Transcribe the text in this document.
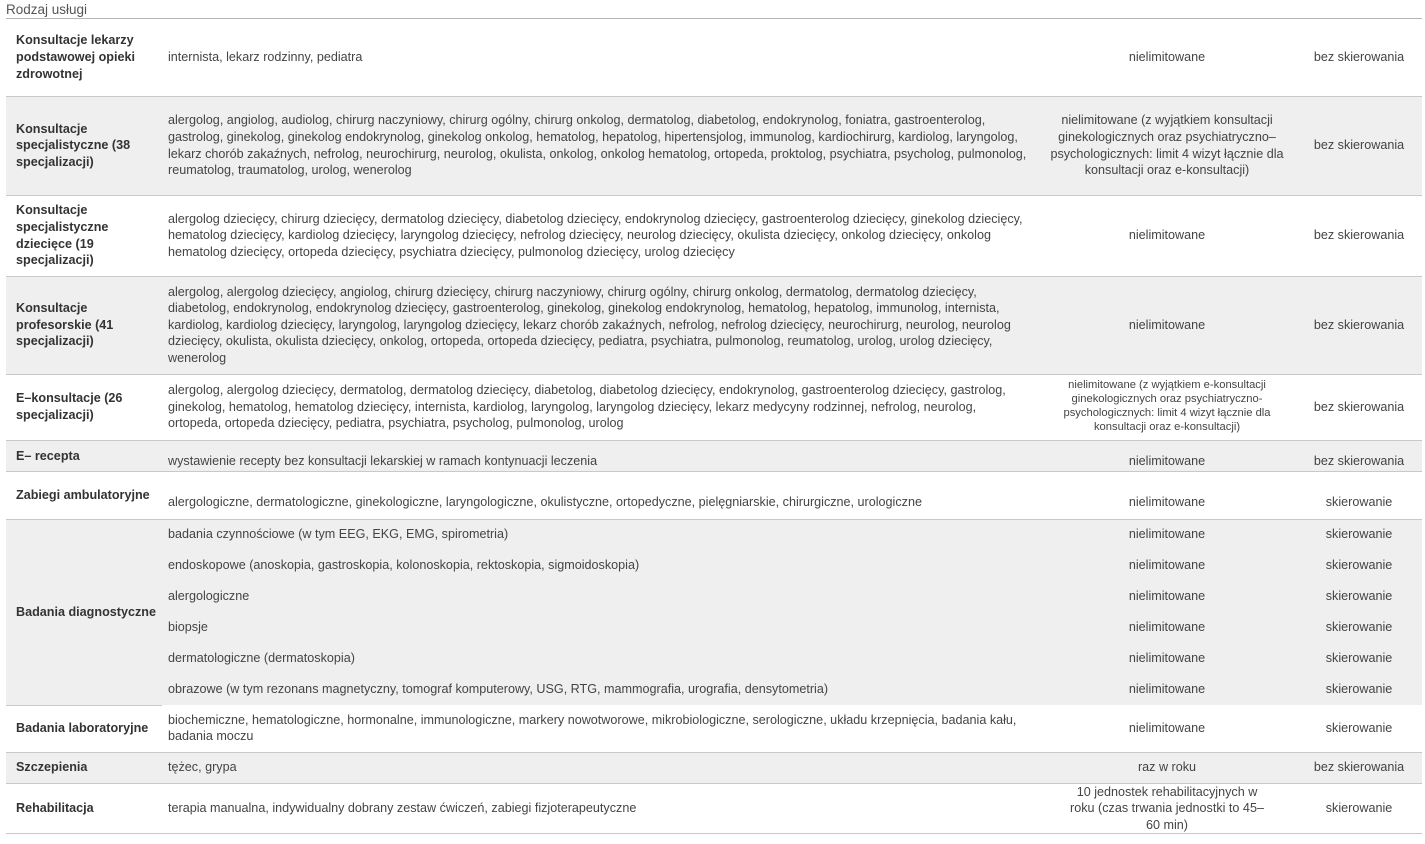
Rodzaj usługi
Konsultacje lekarzy podstawowej opieki zdrowotnej	internista, lekarz rodzinny, pediatra	nielimitowane	bez skierowania
Konsultacje specjalistyczne (38 specjalizacji)	alergolog, angiolog, audiolog, chirurg naczyniowy, chirurg ogólny, chirurg onkolog, dermatolog, diabetolog, endokrynolog, foniatra, gastroenterolog, gastrolog, ginekolog, ginekolog endokrynolog, ginekolog onkolog, hematolog, hepatolog, hipertensjolog, immunolog, kardiochirurg, kardiolog, laryngolog, lekarz chorób zakaźnych, nefrolog, neurochirurg, neurolog, okulista, onkolog, onkolog hematolog, ortopeda, proktolog, psychiatra, psycholog, pulmonolog, reumatolog, traumatolog, urolog, wenerolog	nielimitowane (z wyjątkiem konsultacji ginekologicznych oraz psychiatryczno–psychologicznych: limit 4 wizyt łącznie dla konsultacji oraz e-konsultacji)	bez skierowania
Konsultacje specjalistyczne dziecięce (19 specjalizacji)	alergolog dziecięcy, chirurg dziecięcy, dermatolog dziecięcy, diabetolog dziecięcy, endokrynolog dziecięcy, gastroenterolog dziecięcy, ginekolog dziecięcy, hematolog dziecięcy, kardiolog dziecięcy, laryngolog dziecięcy, nefrolog dziecięcy, neurolog dziecięcy, okulista dziecięcy, onkolog dziecięcy, onkolog hematolog dziecięcy, ortopeda dziecięcy, psychiatra dziecięcy, pulmonolog dziecięcy, urolog dziecięcy	nielimitowane	bez skierowania
Konsultacje profesorskie (41 specjalizacji)	alergolog, alergolog dziecięcy, angiolog, chirurg dziecięcy, chirurg naczyniowy, chirurg ogólny, chirurg onkolog, dermatolog, dermatolog dziecięcy, diabetolog, endokrynolog, endokrynolog dziecięcy, gastroenterolog, ginekolog, ginekolog endokrynolog, hematolog, hepatolog, immunolog, internista, kardiolog, kardiolog dziecięcy, laryngolog, laryngolog dziecięcy, lekarz chorób zakaźnych, nefrolog, nefrolog dziecięcy, neurochirurg, neurolog, neurolog dziecięcy, okulista, okulista dziecięcy, onkolog, ortopeda, ortopeda dziecięcy, pediatra, psychiatra, pulmonolog, reumatolog, urolog, urolog dziecięcy, wenerolog	nielimitowane	bez skierowania
E–konsultacje (26 specjalizacji)	alergolog, alergolog dziecięcy, dermatolog, dermatolog dziecięcy, diabetolog, diabetolog dziecięcy, endokrynolog, gastroenterolog dziecięcy, gastrolog, ginekolog, hematolog, hematolog dziecięcy, internista, kardiolog, laryngolog, laryngolog dziecięcy, lekarz medycyny rodzinnej, nefrolog, neurolog, ortopeda, ortopeda dziecięcy, pediatra, psychiatra, psycholog, pulmonolog, urolog	nielimitowane (z wyjątkiem e-konsultacji ginekologicznych oraz psychiatryczno-psychologicznych: limit 4 wizyt łącznie dla konsultacji oraz e-konsultacji)	bez skierowania
E– recepta	wystawienie recepty bez konsultacji lekarskiej w ramach kontynuacji leczenia	nielimitowane	bez skierowania
Zabiegi ambulatoryjne	alergologiczne, dermatologiczne, ginekologiczne, laryngologiczne, okulistyczne, ortopedyczne, pielęgniarskie, chirurgiczne, urologiczne	nielimitowane	skierowanie
Badania diagnostyczne	badania czynnościowe (w tym EEG, EKG, EMG, spirometria)	nielimitowane	skierowanie
	endoskopowe (anoskopia, gastroskopia, kolonoskopia, rektoskopia, sigmoidoskopia)	nielimitowane	skierowanie
	alergologiczne	nielimitowane	skierowanie
	biopsje	nielimitowane	skierowanie
	dermatologiczne (dermatoskopia)	nielimitowane	skierowanie
	obrazowe (w tym rezonans magnetyczny, tomograf komputerowy, USG, RTG, mammografia, urografia, densytometria)	nielimitowane	skierowanie
Badania laboratoryjne	biochemiczne, hematologiczne, hormonalne, immunologiczne, markery nowotworowe, mikrobiologiczne, serologiczne, układu krzepnięcia, badania kału, badania moczu	nielimitowane	skierowanie
Szczepienia	tężec, grypa	raz w roku	bez skierowania
Rehabilitacja	terapia manualna, indywidualny dobrany zestaw ćwiczeń, zabiegi fizjoterapeutyczne	10 jednostek rehabilitacyjnych w roku (czas trwania jednostki to 45–60 min)	skierowanie
